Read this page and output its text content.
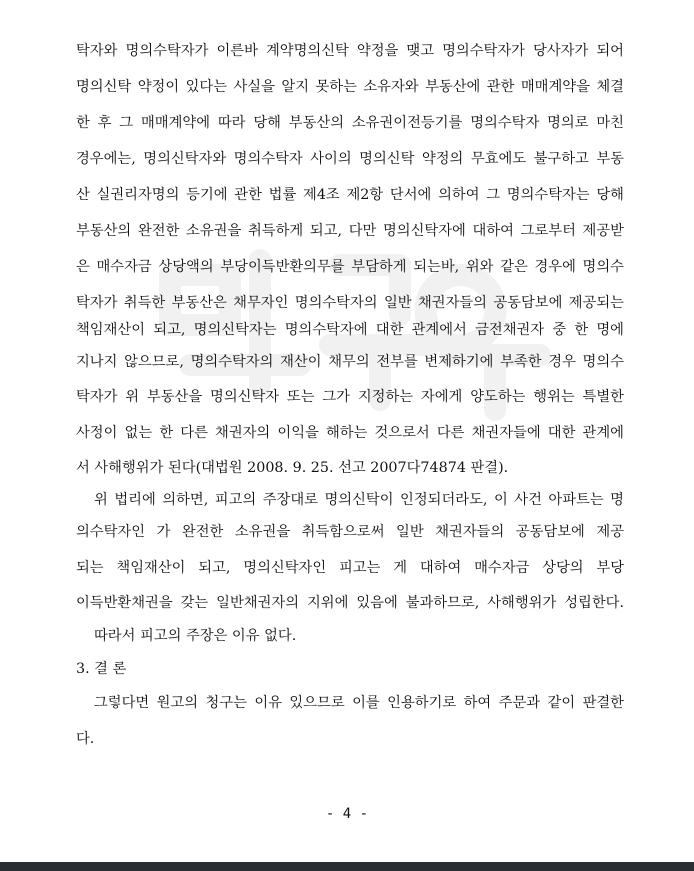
탁자와 명의수탁자가 이른바 계약명의신탁 약정을 맺고 명의수탁자가 당사자가 되어
명의신탁 약정이 있다는 사실을 알지 못하는 소유자와 부동산에 관한 매매계약을 체결
한 후 그 매매계약에 따라 당해 부동산의 소유권이전등기를 명의수탁자 명의로 마친
경우에는, 명의신탁자와 명의수탁자 사이의 명의신탁 약정의 무효에도 불구하고 부동
산 실권리자명의 등기에 관한 법률 제4조 제2항 단서에 의하여 그 명의수탁자는 당해
부동산의 완전한 소유권을 취득하게 되고, 다만 명의신탁자에 대하여 그로부터 제공받
은 매수자금 상당액의 부당이득반환의무를 부담하게 되는바, 위와 같은 경우에 명의수
탁자가 취득한 부동산은 채무자인 명의수탁자의 일반 채권자들의 공동담보에 제공되는
책임재산이 되고, 명의신탁자는 명의수탁자에 대한 관계에서 금전채권자 중 한 명에
지나지 않으므로, 명의수탁자의 재산이 채무의 전부를 변제하기에 부족한 경우 명의수
탁자가 위 부동산을 명의신탁자 또는 그가 지정하는 자에게 양도하는 행위는 특별한
사정이 없는 한 다른 채권자의 이익을 해하는 것으로서 다른 채권자들에 대한 관계에
서 사해행위가 된다(대법원 2008. 9. 25. 선고 2007다74874 판결).
위 법리에 의하면, 피고의 주장대로 명의신탁이 인정되더라도, 이 사건 아파트는 명
의수탁자인 가 완전한 소유권을 취득함으로써 일반 채권자들의 공동담보에 제공
되는 책임재산이 되고, 명의신탁자인 피고는 게 대하여 매수자금 상당의 부당
이득반환채권을 갖는 일반채권자의 지위에 있음에 불과하므로, 사해행위가 성립한다.
따라서 피고의 주장은 이유 없다.
3. 결 론
그렇다면 원고의 청구는 이유 있으므로 이를 인용하기로 하여 주문과 같이 판결한
다.
- 4 -
